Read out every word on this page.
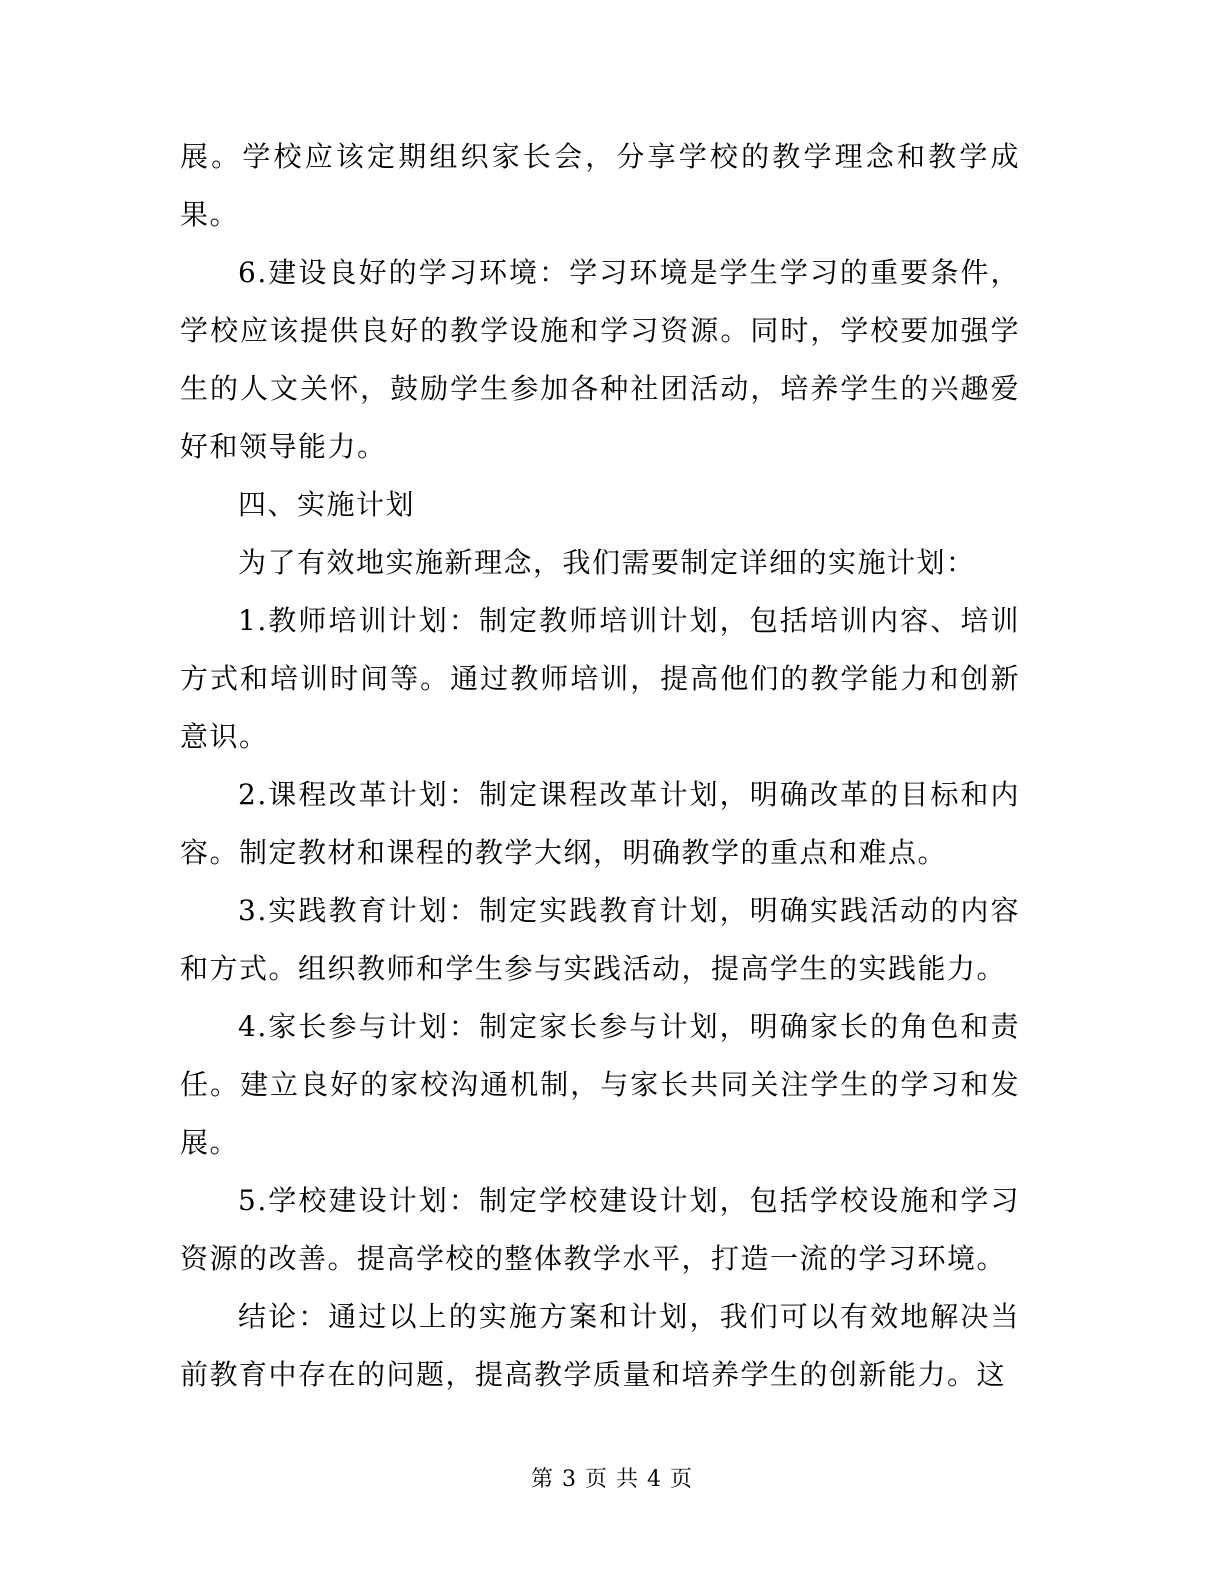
展。学校应该定期组织家长会，分享学校的教学理念和教学成果。

6.建设良好的学习环境：学习环境是学生学习的重要条件，学校应该提供良好的教学设施和学习资源。同时，学校要加强学生的人文关怀，鼓励学生参加各种社团活动，培养学生的兴趣爱好和领导能力。

四、实施计划

为了有效地实施新理念，我们需要制定详细的实施计划：

1.教师培训计划：制定教师培训计划，包括培训内容、培训方式和培训时间等。通过教师培训，提高他们的教学能力和创新意识。

2.课程改革计划：制定课程改革计划，明确改革的目标和内容。制定教材和课程的教学大纲，明确教学的重点和难点。

3.实践教育计划：制定实践教育计划，明确实践活动的内容和方式。组织教师和学生参与实践活动，提高学生的实践能力。

4.家长参与计划：制定家长参与计划，明确家长的角色和责任。建立良好的家校沟通机制，与家长共同关注学生的学习和发展。

5.学校建设计划：制定学校建设计划，包括学校设施和学习资源的改善。提高学校的整体教学水平，打造一流的学习环境。

结论：通过以上的实施方案和计划，我们可以有效地解决当前教育中存在的问题，提高教学质量和培养学生的创新能力。这

第 3 页 共 4 页
